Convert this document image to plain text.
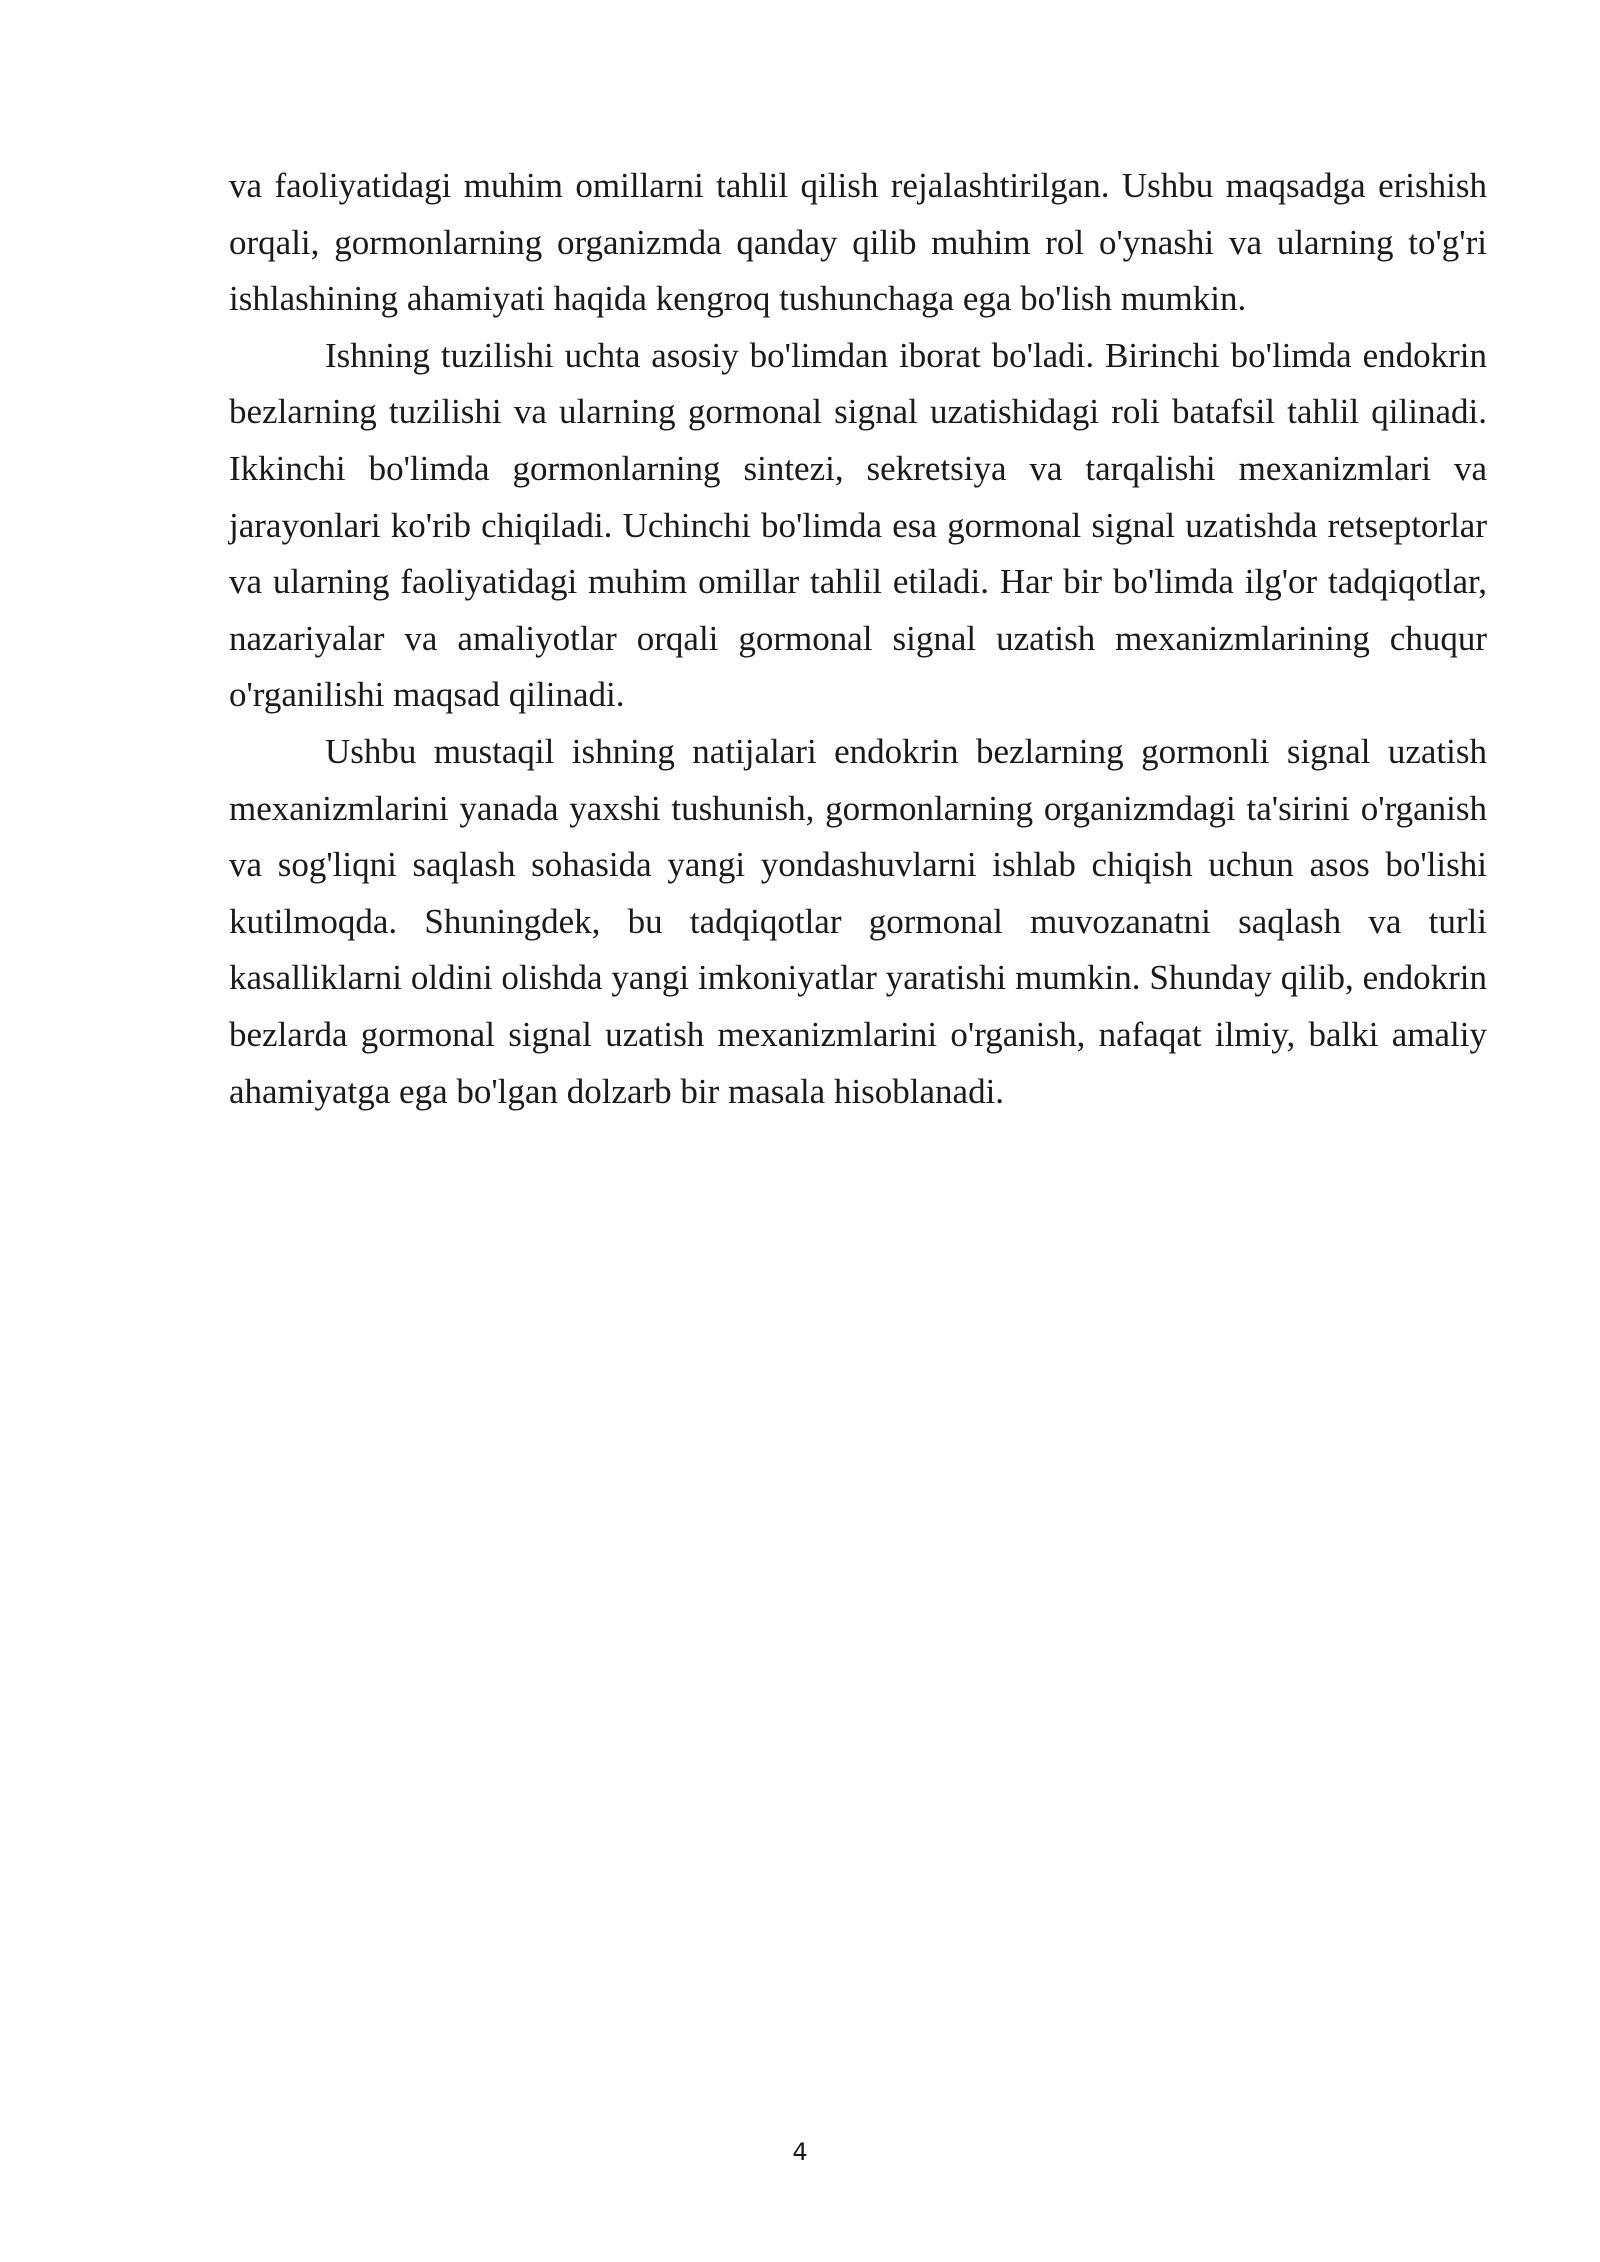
va faoliyatidagi muhim omillarni tahlil qilish rejalashtirilgan. Ushbu maqsadga erishish orqali, gormonlarning organizmda qanday qilib muhim rol o'ynashi va ularning to'g'ri ishlashining ahamiyati haqida kengroq tushunchaga ega bo'lish mumkin.

Ishning tuzilishi uchta asosiy bo'limdan iborat bo'ladi. Birinchi bo'limda endokrin bezlarning tuzilishi va ularning gormonal signal uzatishidagi roli batafsil tahlil qilinadi. Ikkinchi bo'limda gormonlarning sintezi, sekretsiya va tarqalishi mexanizmlari va jarayonlari ko'rib chiqiladi. Uchinchi bo'limda esa gormonal signal uzatishda retseptorlar va ularning faoliyatidagi muhim omillar tahlil etiladi. Har bir bo'limda ilg'or tadqiqotlar, nazariyalar va amaliyotlar orqali gormonal signal uzatish mexanizmlarining chuqur o'rganilishi maqsad qilinadi.

Ushbu mustaqil ishning natijalari endokrin bezlarning gormonli signal uzatish mexanizmlarini yanada yaxshi tushunish, gormonlarning organizmdagi ta'sirini o'rganish va sog'liqni saqlash sohasida yangi yondashuvlarni ishlab chiqish uchun asos bo'lishi kutilmoqda. Shuningdek, bu tadqiqotlar gormonal muvozanatni saqlash va turli kasalliklarni oldini olishda yangi imkoniyatlar yaratishi mumkin. Shunday qilib, endokrin bezlarda gormonal signal uzatish mexanizmlarini o'rganish, nafaqat ilmiy, balki amaliy ahamiyatga ega bo'lgan dolzarb bir masala hisoblanadi.

4
